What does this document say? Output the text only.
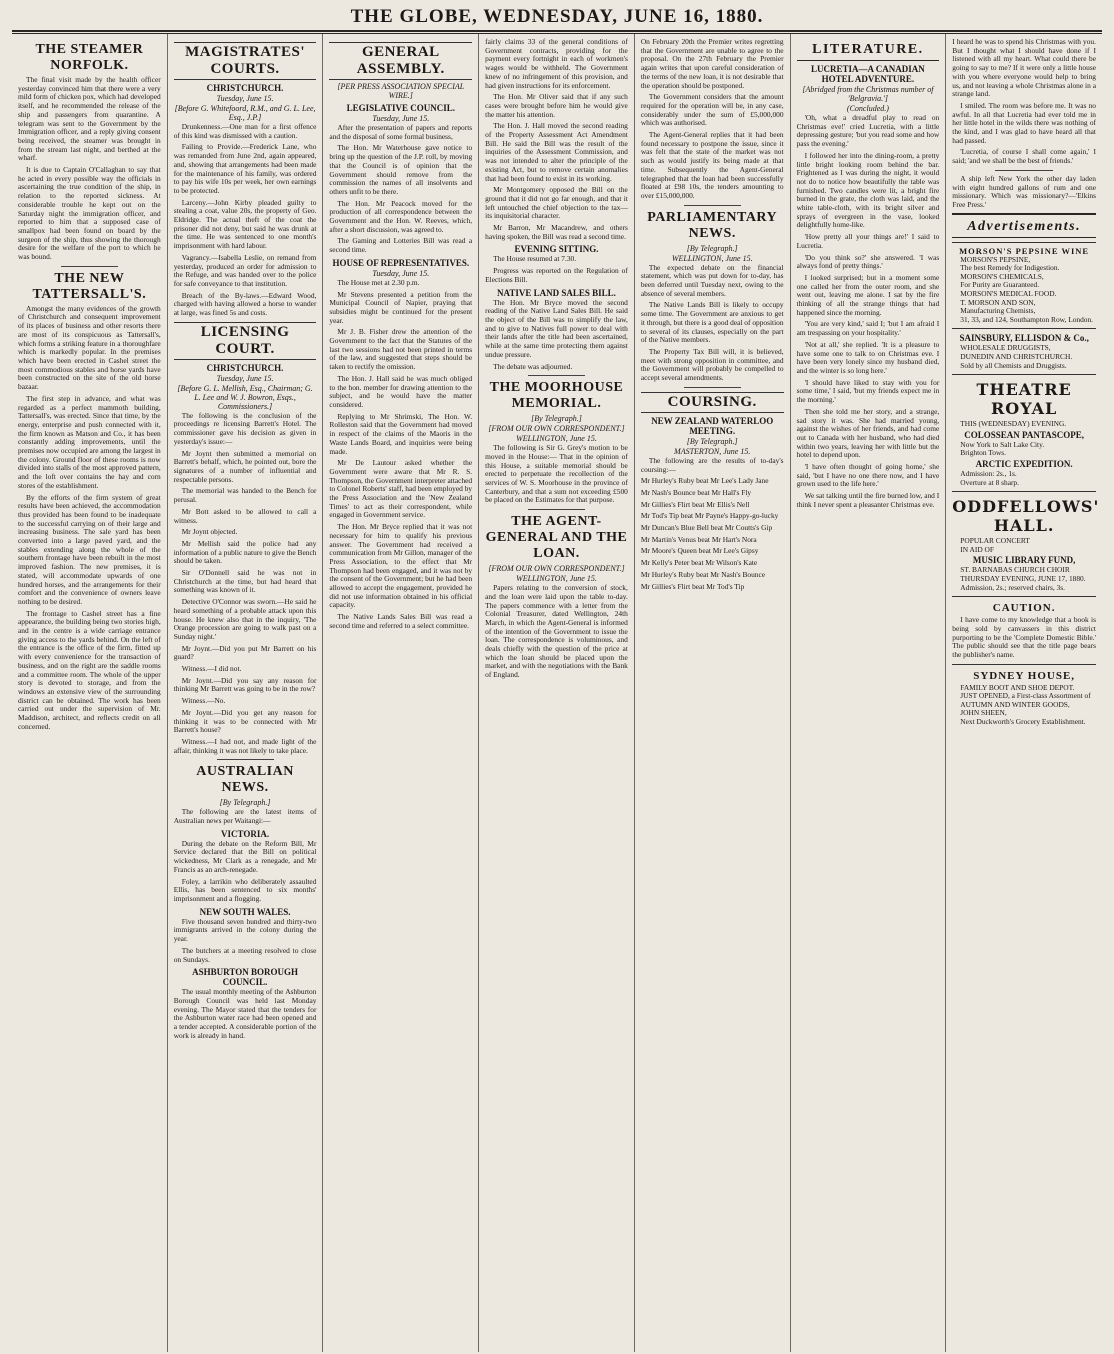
THE GLOBE, WEDNESDAY, JUNE 16, 1880.
THE STEAMER NORFOLK.

The final visit made by the health officer yesterday convinced him that there were a very mild form of chicken pox, which had developed itself, and he recommended the release of the ship and passengers from quarantine. A telegram was sent to the Government by the Immigration officer, and a reply giving consent being received, the steamer was brought in from the stream last night, and berthed at the wharf.

It is due to Captain O'Callaghan to say that he acted in every possible way the officials in ascertaining the true condition of the ship, in relation to the reported sickness. At considerable trouble he kept out on the Saturday night the immigration officer, and reported to him that a supposed case of smallpox had been found on board by the surgeon of the ship, thus showing the thorough desire for the welfare of the port to which he was bound.

THE NEW TATTERSALL'S.

Amongst the many evidences of the growth of Christchurch and consequent improvement of its places of business and other resorts there are most of its conspicuous as Tattersall's, which forms a striking feature in a thoroughfare which is markedly popular. In the premises which have been erected in Cashel street the most commodious stables and horse yards have been constructed on the site of the old horse bazaar.

The first step in advance, and what was regarded as a perfect mammoth building, Tattersall's, was erected. Since that time, by the energy, enterprise and push connected with it, the firm known as Matson and Co., it has been constantly adding improvements, until the premises now occupied are among the largest in the colony. Ground floor of these rooms is now divided into stalls of the most approved pattern, and the loft over contains the hay and corn stores of the establishment.

By the efforts of the firm system of great results have been achieved, the accommodation thus provided has been found to be inadequate to the successful carrying on of their large and increasing business. The sale yard has been converted into a large paved yard, and the stables extending along the whole of the southern frontage have been rebuilt in the most improved fashion. The new premises, it is stated, will accommodate upwards of one hundred horses, and the arrangements for their comfort and the convenience of owners leave nothing to be desired.

The frontage to Cashel street has a fine appearance, the building being two stories high, and in the centre is a wide carriage entrance giving access to the yards behind. On the left of the entrance is the office of the firm, fitted up with every convenience for the transaction of business, and on the right are the saddle rooms and a committee room. The whole of the upper story is devoted to storage, and from the windows an extensive view of the surrounding district can be obtained. The work has been carried out under the supervision of Mr. Maddison, architect, and reflects credit on all concerned.

MAGISTRATES' COURTS.
CHRISTCHURCH.
Tuesday, June 15.
[Before G. Whitefoord, R.M., and G. L. Lee, Esq., J.P.]

Drunkenness.—One man for a first offence of this kind was dismissed with a caution.

Failing to Provide.—Frederick Lane, who was remanded from June 2nd, again appeared, and, showing that arrangements had been made for the maintenance of his family, was ordered to pay his wife 10s per week, her own earnings to be protected.

Larceny.—John Kirby pleaded guilty to stealing a coat, value 20s, the property of Geo. Eldridge. The actual theft of the coat the prisoner did not deny, but said he was drunk at the time. He was sentenced to one month's imprisonment with hard labour.

Vagrancy.—Isabella Leslie, on remand from yesterday, produced an order for admission to the Refuge, and was handed over to the police for safe conveyance to that institution.

Breach of the By-laws.—Edward Wood, charged with having allowed a horse to wander at large, was fined 5s and costs.

LICENSING COURT.
CHRISTCHURCH.
Tuesday, June 15.
[Before G. L. Mellish, Esq., Chairman; G. L. Lee and W. J. Bowron, Esqs., Commissioners.]

The following is the conclusion of the proceedings re licensing Barrett's Hotel. The commissioner gave his decision as given in yesterday's issue:—

Mr Joynt then submitted a memorial on Barrett's behalf, which, he pointed out, bore the signatures of a number of influential and respectable persons.

The memorial was handed to the Bench for perusal.

Mr Bott asked to be allowed to call a witness.

Mr Joynt objected.

Mr Mellish said the police had any information of a public nature to give the Bench should be taken.

Sir O'Donnell said he was not in Christchurch at the time, but had heard that something was known of it.

Detective O'Connor was sworn.—He said he heard something of a probable attack upon this house. He knew also that in the inquiry, 'The Orange procession are going to walk past on a Sunday night.'

Mr Joynt.—Did you put Mr Barrett on his guard?

Witness.—I did not.

Mr Joynt.—Did you say any reason for thinking Mr Barrett was going to be in the row?

Witness.—No.

Mr Joynt.—Did you get any reason for thinking it was to be connected with Mr Barrett's house?

Witness.—I had not, and made light of the affair, thinking it was not likely to take place.

AUSTRALIAN NEWS.
[By Telegraph.]

The following are the latest items of Australian news per Waitangi:—

VICTORIA.

During the debate on the Reform Bill, Mr Service declared that the Bill on political wickedness, Mr Clark as a renegade, and Mr Francis as an arch-renegade.

Foley, a larrikin who deliberately assaulted Ellis, has been sentenced to six months' imprisonment and a flogging.

NEW SOUTH WALES.

Five thousand seven hundred and thirty-two immigrants arrived in the colony during the year.

The butchers at a meeting resolved to close on Sundays.

ASHBURTON BOROUGH COUNCIL.

The usual monthly meeting of the Ashburton Borough Council was held last Monday evening. The Mayor stated that the tenders for the Ashburton water race had been opened and a tender accepted. A considerable portion of the work is already in hand.

GENERAL ASSEMBLY.
[PER PRESS ASSOCIATION SPECIAL WIRE.]
LEGISLATIVE COUNCIL.
Tuesday, June 15.

After the presentation of papers and reports and the disposal of some formal business,

The Hon. Mr Waterhouse gave notice to bring up the question of the J.P. roll, by moving that the Council is of opinion that the Government should remove from the commission the names of all insolvents and others unfit to be there.

The Hon. Mr Peacock moved for the production of all correspondence between the Government and the Hon. W. Reeves, which, after a short discussion, was agreed to.

The Gaming and Lotteries Bill was read a second time.

HOUSE OF REPRESENTATIVES.
Tuesday, June 15.

The House met at 2.30 p.m.

Mr Stevens presented a petition from the Municipal Council of Napier, praying that subsidies might be continued for the present year.

Mr J. B. Fisher drew the attention of the Government to the fact that the Statutes of the last two sessions had not been printed in terms of the law, and suggested that steps should be taken to rectify the omission.

The Hon. J. Hall said he was much obliged to the hon. member for drawing attention to the subject, and he would have the matter considered.

Replying to Mr Shrimski, The Hon. W. Rolleston said that the Government had moved in respect of the claims of the Maoris in the Waste Lands Board, and inquiries were being made.

Mr De Lautour asked whether the Government were aware that Mr R. S. Thompson, the Government interpreter attached to Colonel Roberts' staff, had been employed by the Press Association and the 'New Zealand Times' to act as their correspondent, while engaged in Government service.

The Hon. Mr Bryce replied that it was not necessary for him to qualify his previous answer. The Government had received a communication from Mr Gillon, manager of the Press Association, to the effect that Mr Thompson had been engaged, and it was not by the consent of the Government; but he had been allowed to accept the engagement, provided he did not use information obtained in his official capacity.

The Native Lands Sales Bill was read a second time and referred to a select committee.

fairly claims 33 of the general conditions of Government contracts, providing for the payment every fortnight in each of workmen's wages would be withheld. The Government knew of no infringement of this provision, and had given instructions for its enforcement.

The Hon. Mr Oliver said that if any such cases were brought before him he would give the matter his attention.

The Hon. J. Hall moved the second reading of the Property Assessment Act Amendment Bill. He said the Bill was the result of the inquiries of the Assessment Commission, and was not intended to alter the principle of the existing Act, but to remove certain anomalies that had been found to exist in its working.

Mr Montgomery opposed the Bill on the ground that it did not go far enough, and that it left untouched the chief objection to the tax—its inquisitorial character.

Mr Barron, Mr Macandrew, and others having spoken, the Bill was read a second time.

EVENING SITTING.

The House resumed at 7.30.

Progress was reported on the Regulation of Elections Bill.

NATIVE LAND SALES BILL.

The Hon. Mr Bryce moved the second reading of the Native Land Sales Bill. He said the object of the Bill was to simplify the law, and to give to Natives full power to deal with their lands after the title had been ascertained, while at the same time protecting them against undue pressure.

The debate was adjourned.

THE MOORHOUSE MEMORIAL.
[By Telegraph.]
[FROM OUR OWN CORRESPONDENT.]
WELLINGTON, June 15.

The following is Sir G. Grey's motion to be moved in the House:— That in the opinion of this House, a suitable memorial should be erected to perpetuate the recollection of the services of W. S. Moorhouse in the province of Canterbury, and that a sum not exceeding £500 be placed on the Estimates for that purpose.

THE AGENT-GENERAL AND THE LOAN.
[FROM OUR OWN CORRESPONDENT.]
WELLINGTON, June 15.

Papers relating to the conversion of stock, and the loan were laid upon the table to-day. The papers commence with a letter from the Colonial Treasurer, dated Wellington, 24th March, in which the Agent-General is informed of the intention of the Government to issue the loan. The correspondence is voluminous, and deals chiefly with the question of the price at which the loan should be placed upon the market, and with the negotiations with the Bank of England.

On February 20th the Premier writes regretting that the Government are unable to agree to the proposal. On the 27th February the Premier again writes that upon careful consideration of the terms of the new loan, it is not desirable that the operation should be postponed.

The Government considers that the amount required for the operation will be, in any case, considerably under the sum of £5,000,000 which was authorised.

The Agent-General replies that it had been found necessary to postpone the issue, since it was felt that the state of the market was not such as would justify its being made at that time. Subsequently the Agent-General telegraphed that the loan had been successfully floated at £98 10s, the tenders amounting to over £15,000,000.

PARLIAMENTARY NEWS.
[By Telegraph.]
WELLINGTON, June 15.

The expected debate on the financial statement, which was put down for to-day, has been deferred until Tuesday next, owing to the absence of several members.

The Native Lands Bill is likely to occupy some time. The Government are anxious to get it through, but there is a good deal of opposition to several of its clauses, especially on the part of the Native members.

The Property Tax Bill will, it is believed, meet with strong opposition in committee, and the Government will probably be compelled to accept several amendments.

COURSING.
NEW ZEALAND WATERLOO MEETING.
[By Telegraph.]
MASTERTON, June 15.

The following are the results of to-day's coursing:—

Mr Hurley's Ruby beat Mr Lee's Lady Jane

Mr Nash's Bounce beat Mr Hall's Fly

Mr Gillies's Flirt beat Mr Ellis's Nell

Mr Tod's Tip beat Mr Payne's Happy-go-lucky

Mr Duncan's Blue Bell beat Mr Coutts's Gip

Mr Martin's Venus beat Mr Hart's Nora

Mr Moore's Queen beat Mr Lee's Gipsy

Mr Kelly's Peter beat Mr Wilson's Kate

Mr Hurley's Ruby beat Mr Nash's Bounce

Mr Gillies's Flirt beat Mr Tod's Tip

LITERATURE.
LUCRETIA—A CANADIAN HOTEL ADVENTURE.
[Abridged from the Christmas number of 'Belgravia.']
(Concluded.)

'Oh, what a dreadful play to read on Christmas eve!' cried Lucretia, with a little depressing gesture; 'but you read some and how pass the evening.'

I followed her into the dining-room, a pretty little bright looking room behind the bar. Frightened as I was during the night, it would not do to notice how beautifully the table was furnished. Two candles were lit, a bright fire burned in the grate, the cloth was laid, and the white table-cloth, with its bright silver and sprays of evergreen in the vase, looked delightfully home-like.

'How pretty all your things are!' I said to Lucretia.

'Do you think so?' she answered. 'I was always fond of pretty things.'

I looked surprised; but in a moment some one called her from the outer room, and she went out, leaving me alone. I sat by the fire thinking of all the strange things that had happened since the morning.

'You are very kind,' said I; 'but I am afraid I am trespassing on your hospitality.'

'Not at all,' she replied. 'It is a pleasure to have some one to talk to on Christmas eve. I have been very lonely since my husband died, and the winter is so long here.'

'I should have liked to stay with you for some time,' I said, 'but my friends expect me in the morning.'

Then she told me her story, and a strange, sad story it was. She had married young, against the wishes of her friends, and had come out to Canada with her husband, who had died within two years, leaving her with little but the hotel to depend upon.

'I have often thought of going home,' she said, 'but I have no one there now, and I have grown used to the life here.'

We sat talking until the fire burned low, and I think I never spent a pleasanter Christmas eve.

I heard he was to spend his Christmas with you. But I thought what I should have done if I listened with all my heart. What could there be going to say to me? If it were only a little house with you where everyone would help to bring us, and not leaving a whole Christmas alone in a strange land.

I smiled. The room was before me. It was no awful. In all that Lucretia had ever told me in her little hotel in the wilds there was nothing of the kind, and I was glad to have heard all that had passed.

'Lucretia, of course I shall come again,' I said; 'and we shall be the best of friends.'

A ship left New York the other day laden with eight hundred gallons of rum and one missionary. Which was missionary?—'Elkins Free Press.'

Advertisements.
MORSON'S PEPSINE WINE

MORSON'S PEPSINE,

The best Remedy for Indigestion.

MORSON'S CHEMICALS,

For Purity are Guaranteed.

MORSON'S MEDICAL FOOD.

T. MORSON AND SON,

Manufacturing Chemists,

31, 33, and 124, Southampton Row, London.

SAINSBURY, ELLISDON & Co.,

WHOLESALE DRUGGISTS,

DUNEDIN AND CHRISTCHURCH.

Sold by all Chemists and Druggists.

THEATRE ROYAL

THIS (WEDNESDAY) EVENING.

COLOSSEAN PANTASCOPE,

Now York to Salt Lake City.

Brighton Tows.

ARCTIC EXPEDITION.

Admission: 2s., 1s.

Overture at 8 sharp.

ODDFELLOWS' HALL.

POPULAR CONCERT

IN AID OF

MUSIC LIBRARY FUND,

ST. BARNABAS CHURCH CHOIR

THURSDAY EVENING, JUNE 17, 1880.

Admission, 2s.; reserved chairs, 3s.

CAUTION.

I have come to my knowledge that a book is being sold by canvassers in this district purporting to be the 'Complete Domestic Bible.' The public should see that the title page bears the publisher's name.

SYDNEY HOUSE,

FAMILY BOOT AND SHOE DEPOT.

JUST OPENED, a First-class Assortment of

AUTUMN AND WINTER GOODS,

JOHN SHEEN,

Next Duckworth's Grocery Establishment.
